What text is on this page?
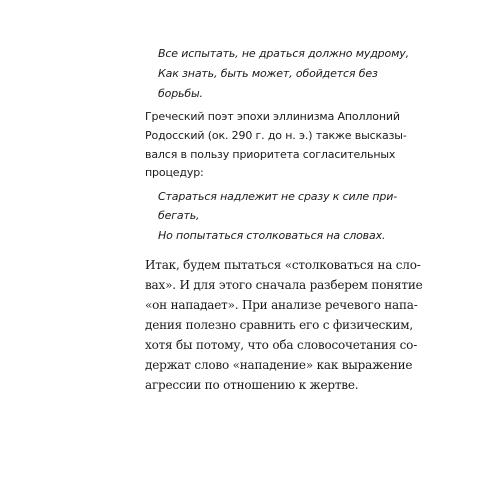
Все испытать, не драться должно мудрому,
Как знать, быть может, обойдется без
борьбы.
Греческий поэт эпохи эллинизма Аполлоний
Родосский (ок. 290 г. до н. э.) также высказы-
вался в пользу приоритета согласительных
процедур:
Стараться надлежит не сразу к силе при-
бегать,
Но попытаться столковаться на словах.
Итак, будем пытаться «столковаться на сло-
вах». И для этого сначала разберем понятие
«он нападает». При анализе речевого напа-
дения полезно сравнить его с физическим,
хотя бы потому, что оба словосочетания со-
держат слово «нападение» как выражение
агрессии по отношению к жертве.
